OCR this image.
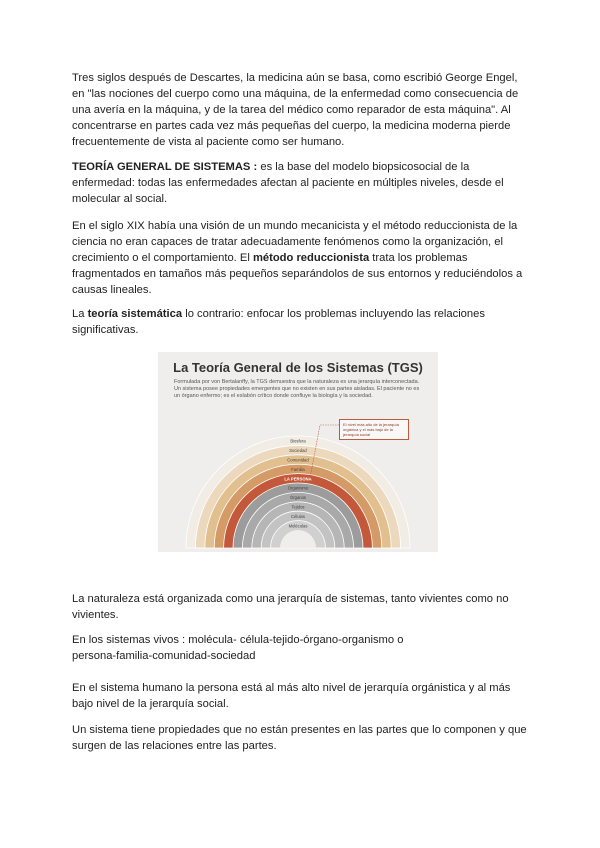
Tres siglos después de Descartes, la medicina aún se basa, como escribió George Engel, en "las nociones del cuerpo como una máquina, de la enfermedad como consecuencia de una avería en la máquina, y de la tarea del médico como reparador de esta máquina". Al concentrarse en partes cada vez más pequeñas del cuerpo, la medicina moderna pierde frecuentemente de vista al paciente como ser humano.

TEORÍA GENERAL DE SISTEMAS : es la base del modelo biopsicosocial de la enfermedad: todas las enfermedades afectan al paciente en múltiples niveles, desde el molecular al social.

En el siglo XIX había una visión de un mundo mecanicista y el método reduccionista de la ciencia no eran capaces de tratar adecuadamente fenómenos como la organización, el crecimiento o el comportamiento. El método reduccionista trata los problemas fragmentados en tamaños más pequeños separándolos de sus entornos y reduciéndolos a causas lineales.

La teoría sistemática lo contrario: enfocar los problemas incluyendo las relaciones significativas.

Biosfera
Sociedad
Comunidad
Familia
LA PERSONA
Organismo
Órganos
Tejidos
Células
Moléculas
La Teoría General de los Sistemas (TGS)

Formulada por von Bertalanffy, la TGS demuestra que la naturaleza es una jerarquía interconectada. Un sistema posee propiedades emergentes que no existen en sus partes aisladas. El paciente no es un órgano enfermo; es el eslabón crítico donde confluye la biología y la sociedad.

El nivel más alto de la jerarquía orgánica y el más bajo de la jerarquía social

La naturaleza está organizada como una jerarquía de sistemas, tanto vivientes como no vivientes.

En los sistemas vivos : molécula- célula-tejido-órgano-organismo o
persona-familia-comunidad-sociedad

En el sistema humano la persona está al más alto nivel de jerarquía orgánistica y al más bajo nivel de la jerarquía social.

Un sistema tiene propiedades que no están presentes en las partes que lo componen y que surgen de las relaciones entre las partes.
